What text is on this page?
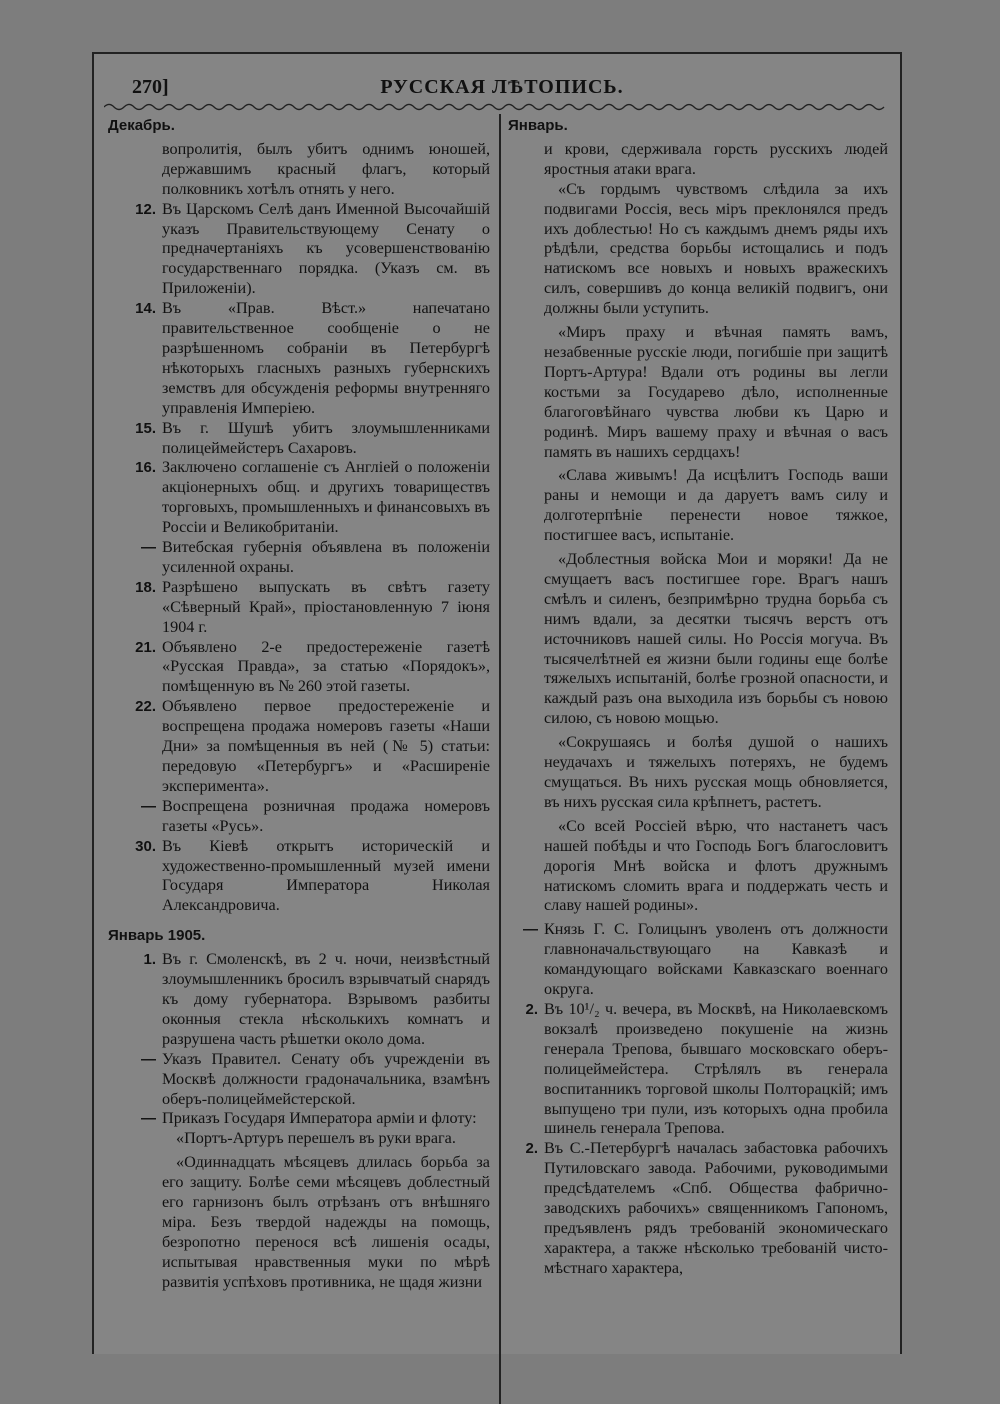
270]	РУССКАЯ ЛѢТОПИСЬ.
Декабрь.
вопролитія, былъ убитъ однимъ юношей, державшимъ красный флагъ, который полковникъ хотѣлъ отнять у него.
12. Въ Царскомъ Селѣ данъ Именной Высочайшій указъ Правительствующему Сенату о предначертаніяхъ къ усовершенствованію государственнаго порядка. (Указъ см. въ Приложеніи).
14. Въ «Прав. Вѣст.» напечатано правительственное сообщеніе о не разрѣшенномъ собраніи въ Петербургѣ нѣкоторыхъ гласныхъ разныхъ губернскихъ земствъ для обсужденія реформы внутренняго управленія Имперіею.
15. Въ г. Шушѣ убитъ злоумышленниками полицеймейстеръ Сахаровъ.
16. Заключено соглашеніе съ Англіей о положеніи акціонерныхъ общ. и другихъ товариществъ торговыхъ, промышленныхъ и финансовыхъ въ Россіи и Великобританіи.
— Витебская губернія объявлена въ положеніи усиленной охраны.
18. Разрѣшено выпускать въ свѣтъ газету «Сѣверный Край», пріостановленную 7 іюня 1904 г.
21. Объявлено 2-е предостереженіе газетѣ «Русская Правда», за статью «Порядокъ», помѣщенную въ № 260 этой газеты.
22. Объявлено первое предостереженіе и воспрещена продажа номеровъ газеты «Наши Дни» за помѣщенныя въ ней (№ 5) статьи: передовую «Петербургъ» и «Расширеніе эксперимента».
— Воспрещена розничная продажа номеровъ газеты «Русь».
30. Въ Кіевѣ открытъ историческій и художественно-промышленный музей имени Государя Императора Николая Александровича.
Январь 1905.
1. Въ г. Смоленскѣ, въ 2 ч. ночи, неизвѣстный злоумышленникъ бросилъ взрывчатый снарядъ къ дому губернатора. Взрывомъ разбиты оконныя стекла нѣсколькихъ комнатъ и разрушена часть рѣшетки около дома.
— Указъ Правител. Сенату объ учрежденіи въ Москвѣ должности градоначальника, взамѣнъ оберъ-полицеймейстерской.
— Приказъ Государя Императора арміи и флоту:

«Портъ-Артуръ перешелъ въ руки врага.

«Одиннадцать мѣсяцевъ длилась борьба за его защиту. Болѣе семи мѣсяцевъ доблестный его гарнизонъ былъ отрѣзанъ отъ внѣшняго міра. Безъ твердой надежды на помощь, безропотно перенося всѣ лишенія осады, испытывая нравственныя муки по мѣрѣ развитія успѣховъ противника, не щадя жизни

Январь.
и крови, сдерживала горсть русскихъ людей яростныя атаки врага.

«Съ гордымъ чувствомъ слѣдила за ихъ подвигами Россія, весь міръ преклонялся предъ ихъ доблестью! Но съ каждымъ днемъ ряды ихъ рѣдѣли, средства борьбы истощались и подъ натискомъ все новыхъ и новыхъ вражескихъ силъ, совершивъ до конца великій подвигъ, они должны были уступить.

«Миръ праху и вѣчная память вамъ, незабвенные русскіе люди, погибшіе при защитѣ Портъ-Артура! Вдали отъ родины вы легли костьми за Государево дѣло, исполненные благоговѣйнаго чувства любви къ Царю и родинѣ. Миръ вашему праху и вѣчная о васъ память въ нашихъ сердцахъ!

«Слава живымъ! Да исцѣлитъ Господь ваши раны и немощи и да даруетъ вамъ силу и долготерпѣніе перенести новое тяжкое, постигшее васъ, испытаніе.

«Доблестныя войска Мои и моряки! Да не смущаетъ васъ постигшее горе. Врагъ нашъ смѣлъ и силенъ, безпримѣрно трудна борьба съ нимъ вдали, за десятки тысячъ верстъ отъ источниковъ нашей силы. Но Россія могуча. Въ тысячелѣтней ея жизни были годины еще болѣе тяжелыхъ испытаній, болѣе грозной опасности, и каждый разъ она выходила изъ борьбы съ новою силою, съ новою мощью.

«Сокрушаясь и болѣя душой о нашихъ неудачахъ и тяжелыхъ потеряхъ, не будемъ смущаться. Въ нихъ русская мощь обновляется, въ нихъ русская сила крѣпнетъ, растетъ.

«Со всей Россіей вѣрю, что настанетъ часъ нашей побѣды и что Господь Богъ благословитъ дорогія Мнѣ войска и флотъ дружнымъ натискомъ сломить врага и поддержать честь и славу нашей родины».

— Князь Г. С. Голицынъ уволенъ отъ должности главноначальствующаго на Кавказѣ и командующаго войсками Кавказскаго военнаго округа.
2. Въ 10¹/₂ ч. вечера, въ Москвѣ, на Николаевскомъ вокзалѣ произведено покушеніе на жизнь генерала Трепова, бывшаго московскаго оберъ-полицеймейстера. Стрѣлялъ въ генерала воспитанникъ торговой школы Полторацкій; имъ выпущено три пули, изъ которыхъ одна пробила шинель генерала Трепова.
2. Въ С.-Петербургѣ началась забастовка рабочихъ Путиловскаго завода. Рабочими, руководимыми предсѣдателемъ «Спб. Общества фабрично-заводскихъ рабочихъ» священникомъ Гапономъ, предъявленъ рядъ требованій экономическаго характера, а также нѣсколько требованій чисто-мѣстнаго характера,
